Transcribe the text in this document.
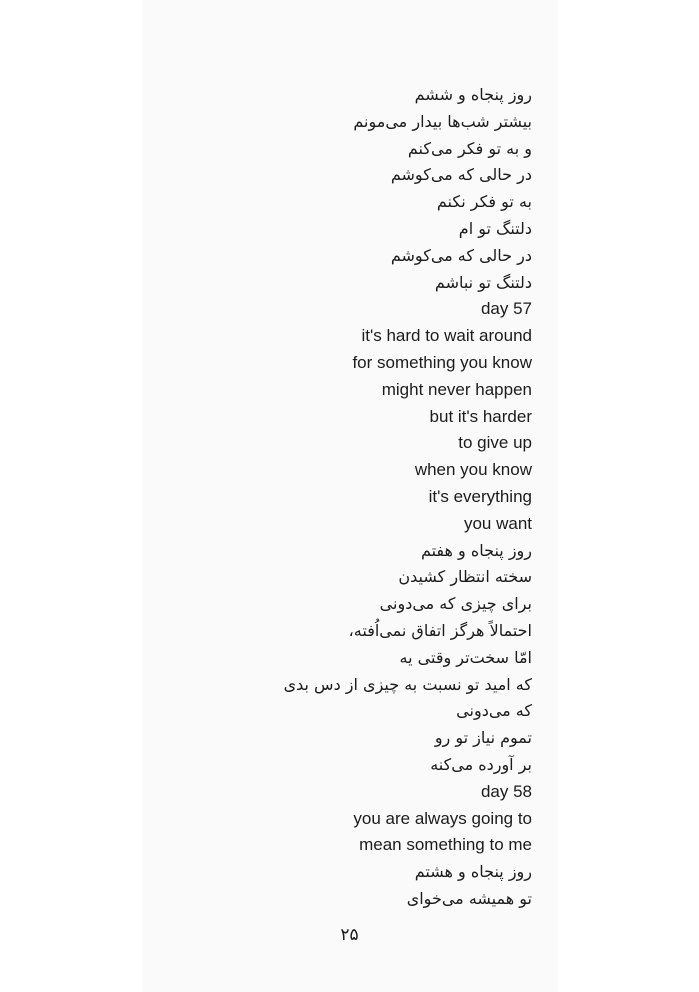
روز پنجاه و ششم
بیشتر شب‌ها بیدار می‌مونم
و به تو فکر می‌کنم
در حالی که می‌کوشم
به تو فکر نکنم
دلتنگ تو ام
در حالی که می‌کوشم
دلتنگ تو نباشم
day 57
it's hard to wait around
for something you know
might never happen
but it's harder
to give up
when you know
it's everything
you want
روز پنجاه و هفتم
سخته انتظار کشیدن
برای چیزی که می‌دونی
احتمالاً هرگز اتفاق نمی‌اُفته،
امّا سخت‌تر وقتی یه
که امید تو نسبت به چیزی از دس بدی
که می‌دونی
تموم نیاز تو رو
بر آورده می‌کنه
day 58
you are always going to
mean something to me
روز پنجاه و هشتم
تو همیشه می‌خوای
۲۵
